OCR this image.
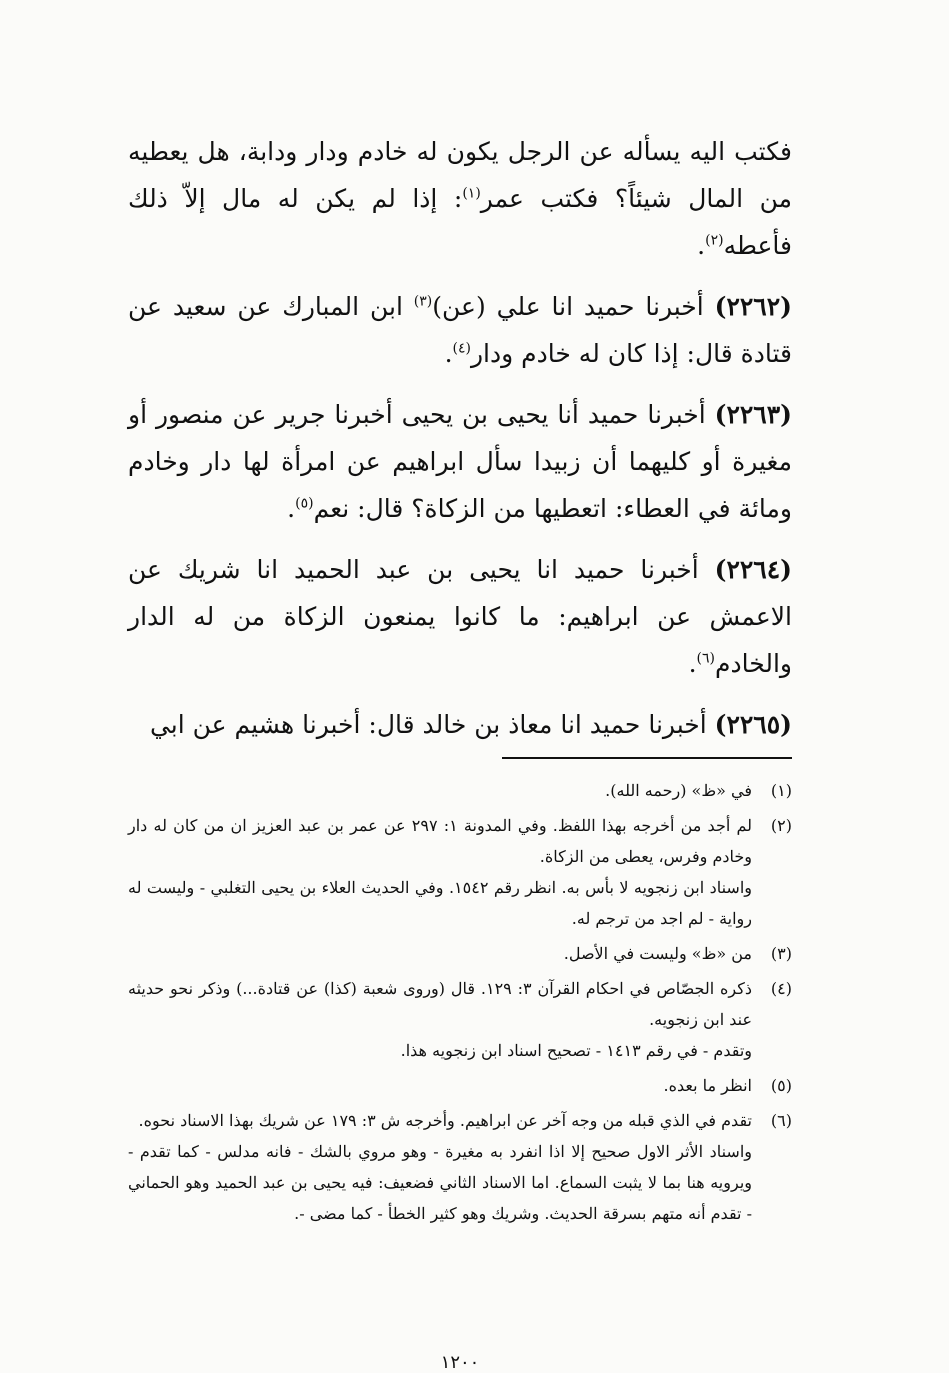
فكتب اليه يسأله عن الرجل يكون له خادم ودار ودابة، هل يعطيه من المال شيئاً؟ فكتب عمر$^{(١)}$: إذا لم يكن له مال إلاّ ذلك فأعطه$^{(٢)}$.

(٢٢٦٢) أخبرنا حميد انا علي (عن)$^{(٣)}$ ابن المبارك عن سعيد عن قتادة قال: إذا كان له خادم ودار$^{(٤)}$.

(٢٢٦٣) أخبرنا حميد أنا يحيى بن يحيى أخبرنا جرير عن منصور أو مغيرة أو كليهما أن زبيدا سأل ابراهيم عن امرأة لها دار وخادم ومائة في العطاء: اتعطيها من الزكاة؟ قال: نعم$^{(٥)}$.

(٢٢٦٤) أخبرنا حميد انا يحيى بن عبد الحميد انا شريك عن الاعمش عن ابراهيم: ما كانوا يمنعون الزكاة من له الدار والخادم$^{(٦)}$.

(٢٢٦٥) أخبرنا حميد انا معاذ بن خالد قال: أخبرنا هشيم عن ابي

(١)
في «ظ» (رحمه الله).
(٢)
لم أجد من أخرجه بهذا اللفظ. وفي المدونة ١: ٢٩٧ عن عمر بن عبد العزيز ان من كان له دار وخادم وفرس، يعطى من الزكاة.
واسناد ابن زنجويه لا بأس به. انظر رقم ١٥٤٢. وفي الحديث العلاء بن يحيى التغلبي - وليست له رواية - لم اجد من ترجم له.
(٣)
من «ظ» وليست في الأصل.
(٤)
ذكره الجصّاص في احكام القرآن ٣: ١٢٩. قال (وروى شعبة (كذا) عن قتادة...) وذكر نحو حديثه عند ابن زنجويه.
وتقدم - في رقم ١٤١٣ - تصحيح اسناد ابن زنجويه هذا.
(٥)
انظر ما بعده.
(٦)
تقدم في الذي قبله من وجه آخر عن ابراهيم. وأخرجه ش ٣: ١٧٩ عن شريك بهذا الاسناد نحوه.
واسناد الأثر الاول صحيح إلا اذا انفرد به مغيرة - وهو مروي بالشك - فانه مدلس - كما تقدم - ويرويه هنا بما لا يثبت السماع. اما الاسناد الثاني فضعيف: فيه يحيى بن عبد الحميد وهو الحماني - تقدم أنه متهم بسرقة الحديث. وشريك وهو كثير الخطأ - كما مضى -.
١٢٠٠
